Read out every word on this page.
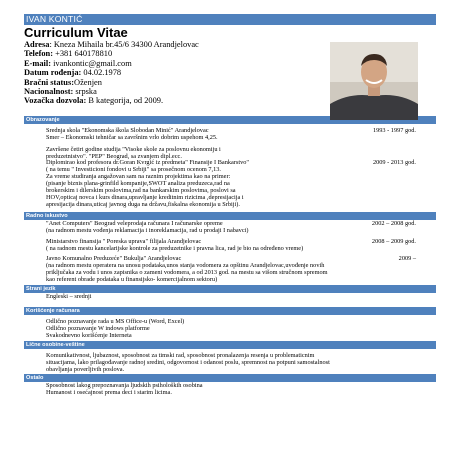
IVAN KONTIĆ
Curriculum Vitae
Adresa: Kneza Mihaila br.45/6 34300 Arandjelovac
Telefon: +381 640178810
E-mail: ivankontic@gmail.com
Datum rođenja: 04.02.1978
Bračni status:Oženjen
Nacionalnost: srpska
Vozačka dozvola: B kategorija, od 2009.
Obrazovanje
Srednja skola "Ekonomska škola Slobodan Minić" Arandjelovac	1993 - 1997 god.
Smer – Ekonomski tehničar sa završnim vrlo dobrim uspehom 4,25.
Završene četiri godine studija "Visoke skole za poslovnu ekonomiju i
preduzetnistvo". "PEP" Beograd, sa zvanjem dipl.ecc.
Diplomirao kod profesora dr.Goran Kvrgić iz predmeta" Finansije I Bankarstvo"	2009 - 2013 god.
( na temu " Investicioni fondovi u Srbiji" sa prosečnom ocenom 7,13.
Za vreme studiranja angažovan sam na raznim projektima kao na primer:
(pisanje biznis plana-grinfild kompanije,SWOT analiza preduzeca,rad na
brokerskim i dilerskim poslovima,rad na bankarskim poslovima, poslovi sa
HOV,opticaj novca i kurs dinara,upravljanje kreditnim rizicima ,depresijacija i
apresijacija dinara,uticaj javnog duga na državu,fiskalna ekonomija u Srbiji).
Radno iskustvo
"Anet Computers" Beograd veleprodaja računara I računarske opreme	2002 – 2008 god.
(na radnom mestu vođenja reklamacija i inoreklamacija, rad u prodaji I nabavci)
Ministarstvo finansija " Poreska uprava" filijala Arandjelovac	2008 – 2009 god.
( na radnom mestu kancelarijske kontrole za preduzetnike i pravna lica, rad je bio na određeno vreme)
Javno Komunalno Preduzeće" Bukulja" Arandjelovac	2009 –
(na radnom mestu operatera na unosu podataka,unos stanja vodomera za opštinu Arandjelovac,uvođenje novih
priključaka za vodu i unos zapisnika o zameni vodomera, a od 2013 god. na mestu sa višom stručnom spremom
kao referent obrade podataka u finansijsko- komercijalnom sektoru)
Strani jezik
Engleski – srednji
Korišćenje računara
Odlično poznavanje rada u MS Office-u (Word, Excel)
Odlično poznavanje W indows platforme
Svakodnevno korišćenje Interneta
Lične osobine-veštine
Komunikativnost, ljubaznost, sposobnost za timski rad, sposobnost pronalazenja resenja u problematicnim
situacijama, lako prilagođavanje radnoj sredini, odgovornost i odanost poslu, spremnost na potpuni samostalnost
obavljanja poverljivih poslova.
Ostalo
Sposobnost lakog prepoznavanja ljudskih psiholoških osobina
Humanost i osećajnost prema deci i starim licima.
